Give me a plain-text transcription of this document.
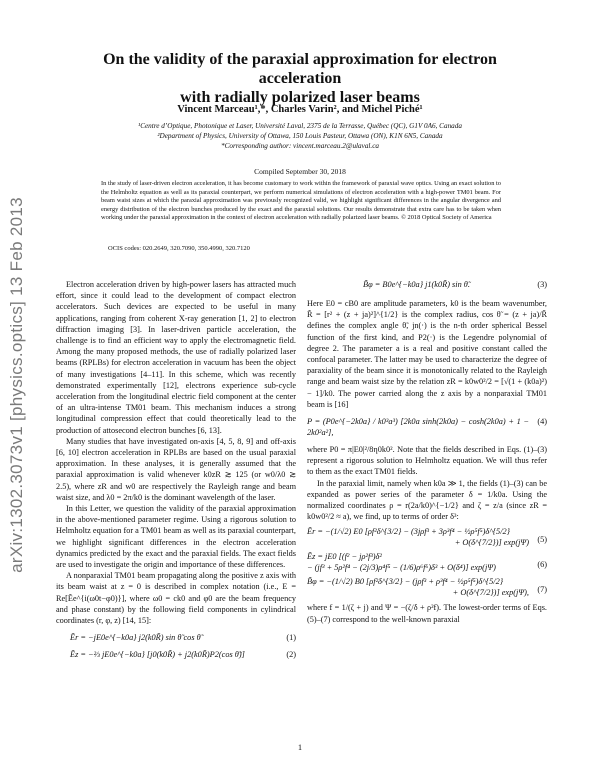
arXiv:1302.3073v1 [physics.optics] 13 Feb 2013
On the validity of the paraxial approximation for electron acceleration
with radially polarized laser beams
Vincent Marceau¹,*, Charles Varin², and Michel Piché¹
¹Centre d’Optique, Photonique et Laser, Université Laval, 2375 de la Terrasse, Québec (QC), G1V 0A6, Canada
²Department of Physics, University of Ottawa, 150 Louis Pasteur, Ottawa (ON), K1N 6N5, Canada
*Corresponding author: vincent.marceau.2@ulaval.ca
Compiled September 30, 2018
In the study of laser-driven electron acceleration, it has become customary to work within the framework of paraxial wave optics. Using an exact solution to the Helmholtz equation as well as its paraxial counterpart, we perform numerical simulations of electron acceleration with a high-power TM01 beam. For beam waist sizes at which the paraxial approximation was previously recognized valid, we highlight significant differences in the angular divergence and energy distribution of the electron bunches produced by the exact and the paraxial solutions. Our results demonstrate that extra care has to be taken when working under the paraxial approximation in the context of electron acceleration with radially polarized laser beams. © 2018 Optical Society of America
OCIS codes: 020.2649, 320.7090, 350.4990, 320.7120

Electron acceleration driven by high-power lasers has attracted much effort, since it could lead to the development of compact electron accelerators. Such devices are expected to be useful in many applications, ranging from coherent X-ray generation [1, 2] to electron diffraction imaging [3]. In laser-driven particle acceleration, the challenge is to find an efficient way to apply the electromagnetic field. Among the many proposed methods, the use of radially polarized laser beams (RPLBs) for electron acceleration in vacuum has been the object of many investigations [4–11]. In this scheme, which was recently demonstrated experimentally [12], electrons experience sub-cycle acceleration from the longitudinal electric field component at the center of an ultra-intense TM01 beam. This mechanism induces a strong longitudinal compression effect that could theoretically lead to the production of attosecond electron bunches [6, 13].

Many studies that have investigated on-axis [4, 5, 8, 9] and off-axis [6, 10] electron acceleration in RPLBs are based on the usual paraxial approximation. In these analyses, it is generally assumed that the paraxial approximation is valid whenever k0zR ≳ 125 (or w0/λ0 ≳ 2.5), where zR and w0 are respectively the Rayleigh range and beam waist size, and λ0 = 2π/k0 is the dominant wavelength of the laser.

In this Letter, we question the validity of the paraxial approximation in the above-mentioned parameter regime. Using a rigorous solution to Helmholtz equation for a TM01 beam as well as its paraxial counterpart, we highlight significant differences in the electron acceleration dynamics predicted by the exact and the paraxial fields. The exact fields are used to investigate the origin and importance of these differences.

A nonparaxial TM01 beam propagating along the positive z axis with its beam waist at z = 0 is described in complex notation (i.e., E = Re[Ẽe^{i(ω0t−φ0)}], where ω0 = ck0 and φ0 are the beam frequency and phase constant) by the following field components in cylindrical coordinates (r, φ, z) [14, 15]:

Ẽr = −jE0e^{−k0a} j2(k0R̃) sin θ̃ cos θ̃	(1)
Ẽz = −⅔ jE0e^{−k0a} [j0(k0R̃) + j2(k0R̃)P2(cos θ̃)]	(2)
B̃φ = B0e^{−k0a} j1(k0R̃) sin θ̃.	(3)

Here E0 = cB0 are amplitude parameters, k0 is the beam wavenumber, R̃ = [r² + (z + ja)²]^{1/2} is the complex radius, cos θ̃ = (z + ja)/R̃ defines the complex angle θ̃, jn(·) is the n-th order spherical Bessel function of the first kind, and P2(·) is the Legendre polynomial of degree 2. The parameter a is a real and positive constant called the confocal parameter. The latter may be used to characterize the degree of paraxiality of the beam since it is monotonically related to the Rayleigh range and beam waist size by the relation zR = k0w0²/2 = [√(1 + (k0a)²) − 1]/k0. The power carried along the z axis by a nonparaxial TM01 beam is [16]

P = (P0e^{−2k0a} / k0³a³) [2k0a sinh(2k0a) − cosh(2k0a) + 1 − 2k0²a²],
(4)

where P0 = π|E0|²/8η0k0². Note that the fields described in Eqs. (1)–(3) represent a rigorous solution to Helmholtz equation. We will thus refer to them as the exact TM01 fields.

In the paraxial limit, namely when k0a ≫ 1, the fields (1)–(3) can be expanded as power series of the parameter δ = 1/k0a. Using the normalized coordinates ρ = r(2a/k0)^{−1/2} and ζ = z/a (since zR = k0w0²/2 ≈ a), we find, up to terms of order δ³:

Ẽr = −(1/√2) E0 [ρf²δ^{3/2} − (3jρf³ + 3ρ³f⁴ − ½ρ⁵f⁵)δ^{5/2}
+ O(δ^{7/2})] exp(jΨ) (5)
Ẽz = jE0 [(f² − jρ²f³)δ²
− (jf³ + 5ρ²f⁴ − (2j/3)ρ⁴f⁵ − (1/6)ρ⁶f⁶)δ³ + O(δ⁴)] exp(jΨ)	(6)
B̃φ = −(1/√2) B0 [ρf²δ^{3/2} − (jρf³ + ρ³f⁴ − ½ρ⁵f⁵)δ^{5/2}
+ O(δ^{7/2})] exp(jΨ), (7)

where f = 1/(ζ + j) and Ψ = −(ζ/δ + ρ²f). The lowest-order terms of Eqs. (5)–(7) correspond to the well-known paraxial

1
